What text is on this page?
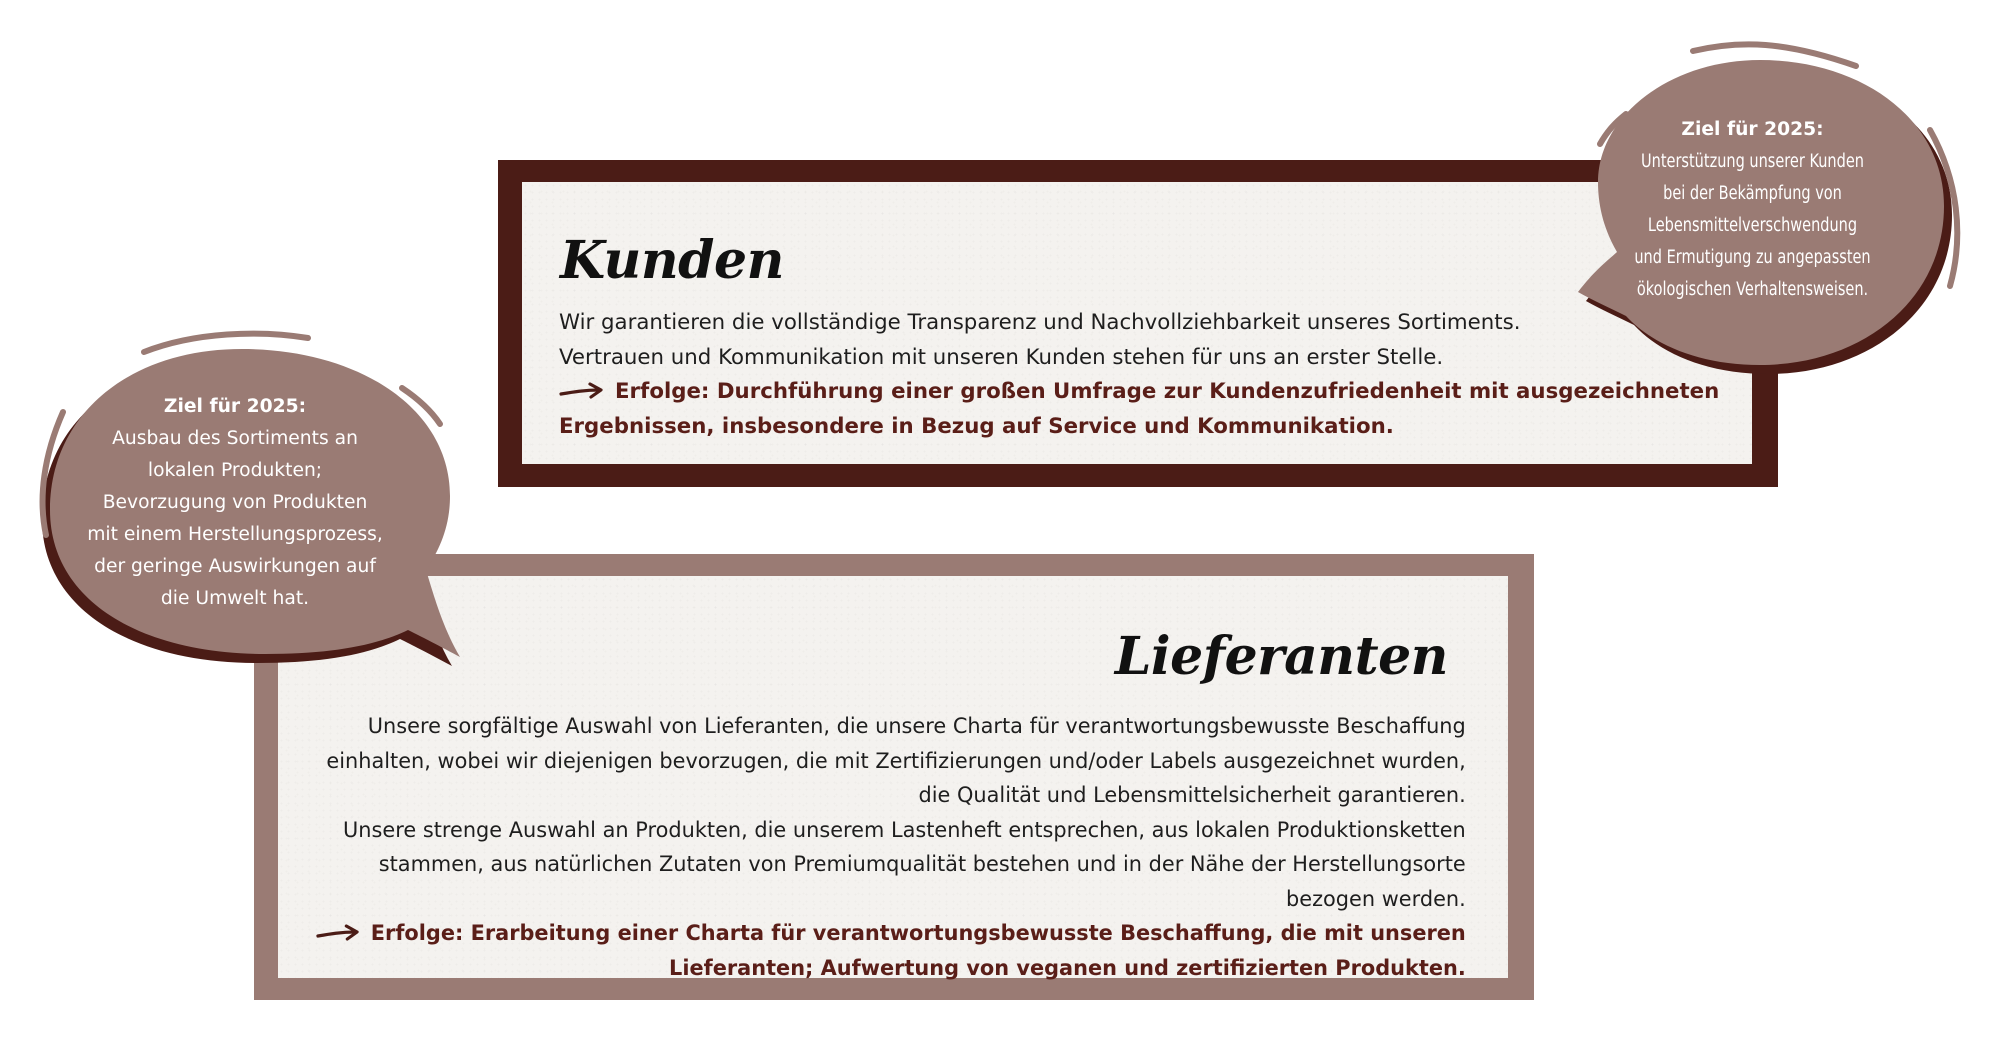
Kunden
Wir garantieren die vollständige Transparenz und Nachvollziehbarkeit unseres Sortiments.
Vertrauen und Kommunikation mit unseren Kunden stehen für uns an erster Stelle.
Erfolge: Durchführung einer großen Umfrage zur Kundenzufriedenheit mit ausgezeichneten
Ergebnissen, insbesondere in Bezug auf Service und Kommunikation.
Lieferanten
Unsere sorgfältige Auswahl von Lieferanten, die unsere Charta für verantwortungsbewusste Beschaffung
einhalten, wobei wir diejenigen bevorzugen, die mit Zertifizierungen und/oder Labels ausgezeichnet wurden,
die Qualität und Lebensmittelsicherheit garantieren.
Unsere strenge Auswahl an Produkten, die unserem Lastenheft entsprechen, aus lokalen Produktionsketten
stammen, aus natürlichen Zutaten von Premiumqualität bestehen und in der Nähe der Herstellungsorte
bezogen werden.
Erfolge: Erarbeitung einer Charta für verantwortungsbewusste Beschaffung, die mit unseren
Lieferanten; Aufwertung von veganen und zertifizierten Produkten.
Ziel für 2025:
Unterstützung unserer Kunden
bei der Bekämpfung von
Lebensmittelverschwendung
und Ermutigung zu angepassten
ökologischen Verhaltensweisen.
Ziel für 2025:
Ausbau des Sortiments an
lokalen Produkten;
Bevorzugung von Produkten
mit einem Herstellungsprozess,
der geringe Auswirkungen auf
die Umwelt hat.
